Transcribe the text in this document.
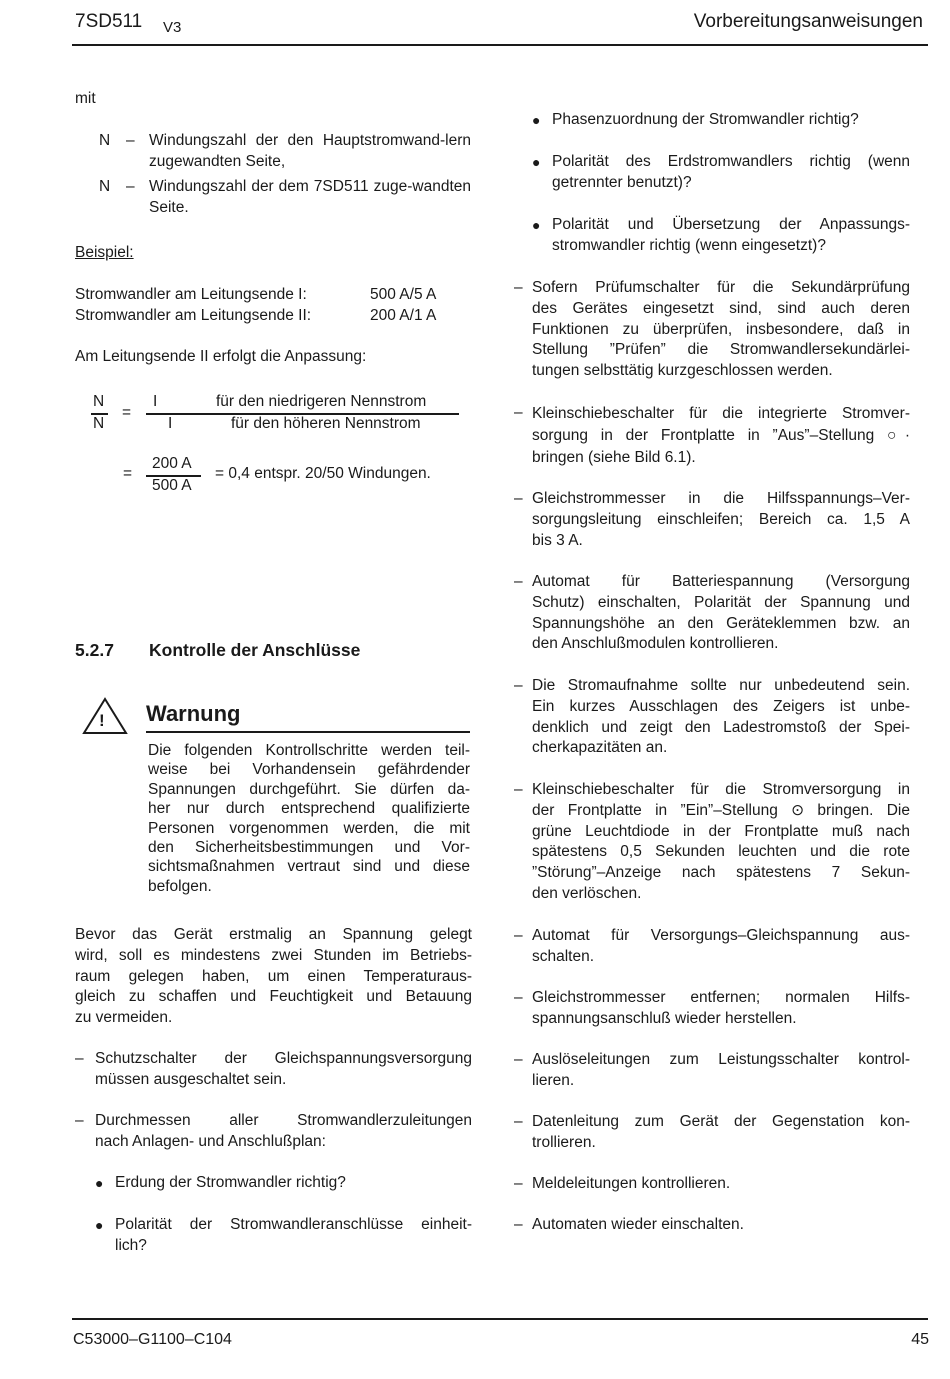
7SD511 V3	Vorbereitungsanweisungen
mit
N – Windungszahl der den Hauptstromwand-lern zugewandten Seite,
N – Windungszahl der dem 7SD511 zuge-wandten Seite.
Beispiel:
Stromwandler am Leitungsende I:	500 A/5 A
Stromwandler am Leitungsende II:	200 A/1 A
Am Leitungsende II erfolgt die Anpassung:
N
N
=
I	für den niedrigeren Nennstrom
I	für den höheren Nennstrom
=
200 A
500 A
= 0,4 entspr. 20/50 Windungen.
5.2.7 Kontrolle der Anschlüsse
!	Warnung
Die folgenden Kontrollschritte werden teil-
weise bei Vorhandensein gefährdender
Spannungen durchgeführt. Sie dürfen da-
her nur durch entsprechend qualifizierte
Personen vorgenommen werden, die mit
den Sicherheitsbestimmungen und Vor-
sichtsmaßnahmen vertraut sind und diese
befolgen.
Bevor das Gerät erstmalig an Spannung gelegt
wird, soll es mindestens zwei Stunden im Betriebs-
raum gelegen haben, um einen Temperaturaus-
gleich zu schaffen und Feuchtigkeit und Betauung
zu vermeiden.
– Schutzschalter der Gleichspannungsversorgung
müssen ausgeschaltet sein.
– Durchmessen aller Stromwandlerzuleitungen
nach Anlagen- und Anschlußplan:
● Erdung der Stromwandler richtig?
● Polarität der Stromwandleranschlüsse einheit-
lich?
● Phasenzuordnung der Stromwandler richtig?
● Polarität des Erdstromwandlers richtig (wenn
getrennter benutzt)?
● Polarität und Übersetzung der Anpassungs-
stromwandler richtig (wenn eingesetzt)?
– Sofern Prüfumschalter für die Sekundärprüfung
des Gerätes eingesetzt sind, sind auch deren
Funktionen zu überprüfen, insbesondere, daß in
Stellung ”Prüfen” die Stromwandlersekundärlei-
tungen selbsttätig kurzgeschlossen werden.
– Kleinschiebeschalter für die integrierte Stromver-
sorgung in der Frontplatte in ”Aus”–Stellung ○·
bringen (siehe Bild 6.1).
– Gleichstrommesser in die Hilfsspannungs–Ver-
sorgungsleitung einschleifen; Bereich ca. 1,5 A
bis 3 A.
– Automat für Batteriespannung (Versorgung
Schutz) einschalten, Polarität der Spannung und
Spannungshöhe an den Geräteklemmen bzw. an
den Anschlußmodulen kontrollieren.
– Die Stromaufnahme sollte nur unbedeutend sein.
Ein kurzes Ausschlagen des Zeigers ist unbe-
denklich und zeigt den Ladestromstoß der Spei-
cherkapazitäten an.
– Kleinschiebeschalter für die Stromversorgung in
der Frontplatte in ”Ein”–Stellung ⊙ bringen. Die
grüne Leuchtdiode in der Frontplatte muß nach
spätestens 0,5 Sekunden leuchten und die rote
”Störung”–Anzeige nach spätestens 7 Sekun-
den verlöschen.
– Automat für Versorgungs–Gleichspannung aus-
schalten.
– Gleichstrommesser entfernen; normalen Hilfs-
spannungsanschluß wieder herstellen.
– Auslöseleitungen zum Leistungsschalter kontrol-
lieren.
– Datenleitung zum Gerät der Gegenstation kon-
trollieren.
– Meldeleitungen kontrollieren.
– Automaten wieder einschalten.
C53000–G1100–C104	45
